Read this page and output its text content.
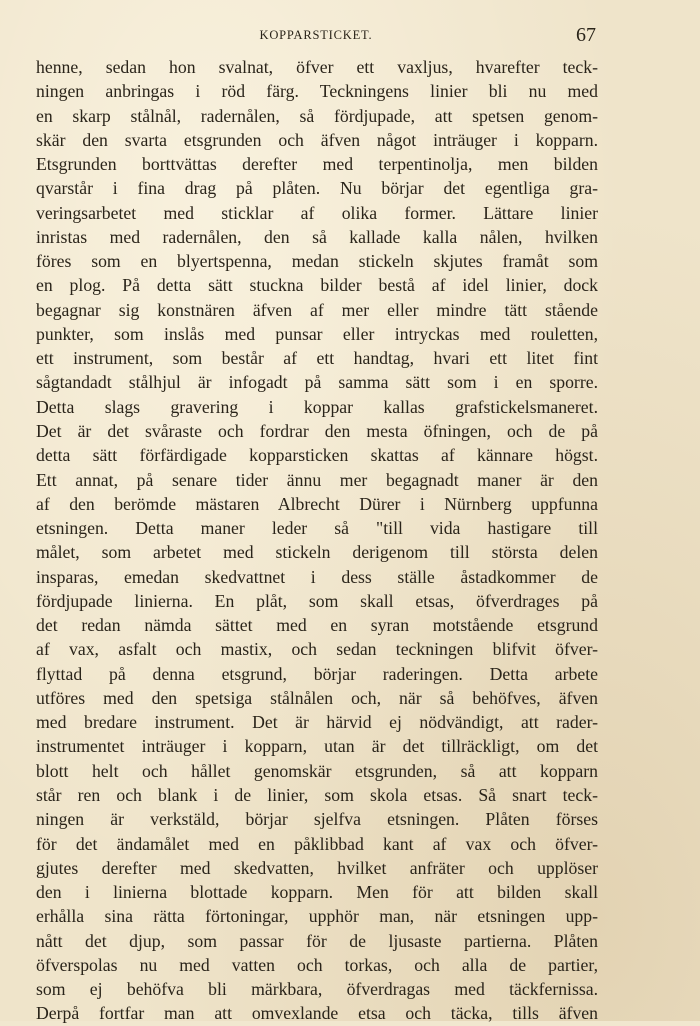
KOPPARSTICKET.	67
henne, sedan hon svalnat, öfver ett vaxljus, hvarefter teck-
ningen anbringas i röd färg. Teckningens linier bli nu med
en skarp stålnål, radernålen, så fördjupade, att spetsen genom-
skär den svarta etsgrunden och äfven något inträuger i kopparn.
Etsgrunden borttvättas derefter med terpentinolja, men bilden
qvarstår i fina drag på plåten. Nu börjar det egentliga gra-
veringsarbetet med sticklar af olika former. Lättare linier
inristas med radernålen, den så kallade kalla nålen, hvilken
föres som en blyertspenna, medan stickeln skjutes framåt som
en plog. På detta sätt stuckna bilder bestå af idel linier, dock
begagnar sig konstnären äfven af mer eller mindre tätt stående
punkter, som inslås med punsar eller intryckas med rouletten,
ett instrument, som består af ett handtag, hvari ett litet fint
sågtandadt stålhjul är infogadt på samma sätt som i en sporre.
Detta slags gravering i koppar kallas grafstickelsmaneret.
Det är det svåraste och fordrar den mesta öfningen, och de på
detta sätt förfärdigade kopparsticken skattas af kännare högst.
Ett annat, på senare tider ännu mer begagnadt maner är den
af den berömde mästaren Albrecht Dürer i Nürnberg uppfunna
etsningen. Detta maner leder så "till vida hastigare till
målet, som arbetet med stickeln derigenom till största delen
insparas, emedan skedvattnet i dess ställe åstadkommer de
fördjupade linierna. En plåt, som skall etsas, öfverdrages på
det redan nämda sättet med en syran motstående etsgrund
af vax, asfalt och mastix, och sedan teckningen blifvit öfver-
flyttad på denna etsgrund, börjar raderingen. Detta arbete
utföres med den spetsiga stålnålen och, när så behöfves, äfven
med bredare instrument. Det är härvid ej nödvändigt, att rader-
instrumentet inträuger i kopparn, utan är det tillräckligt, om det
blott helt och hållet genomskär etsgrunden, så att kopparn
står ren och blank i de linier, som skola etsas. Så snart teck-
ningen är verkstäld, börjar sjelfva etsningen. Plåten förses
för det ändamålet med en påklibbad kant af vax och öfver-
gjutes derefter med skedvatten, hvilket anfräter och upplöser
den i linierna blottade kopparn. Men för att bilden skall
erhålla sina rätta förtoningar, upphör man, när etsningen upp-
nått det djup, som passar för de ljusaste partierna. Plåten
öfverspolas nu med vatten och torkas, och alla de partier,
som ej behöfva bli märkbara, öfverdragas med täckfernissa.
Derpå fortfar man att omvexlande etsa och täcka, tills äfven
